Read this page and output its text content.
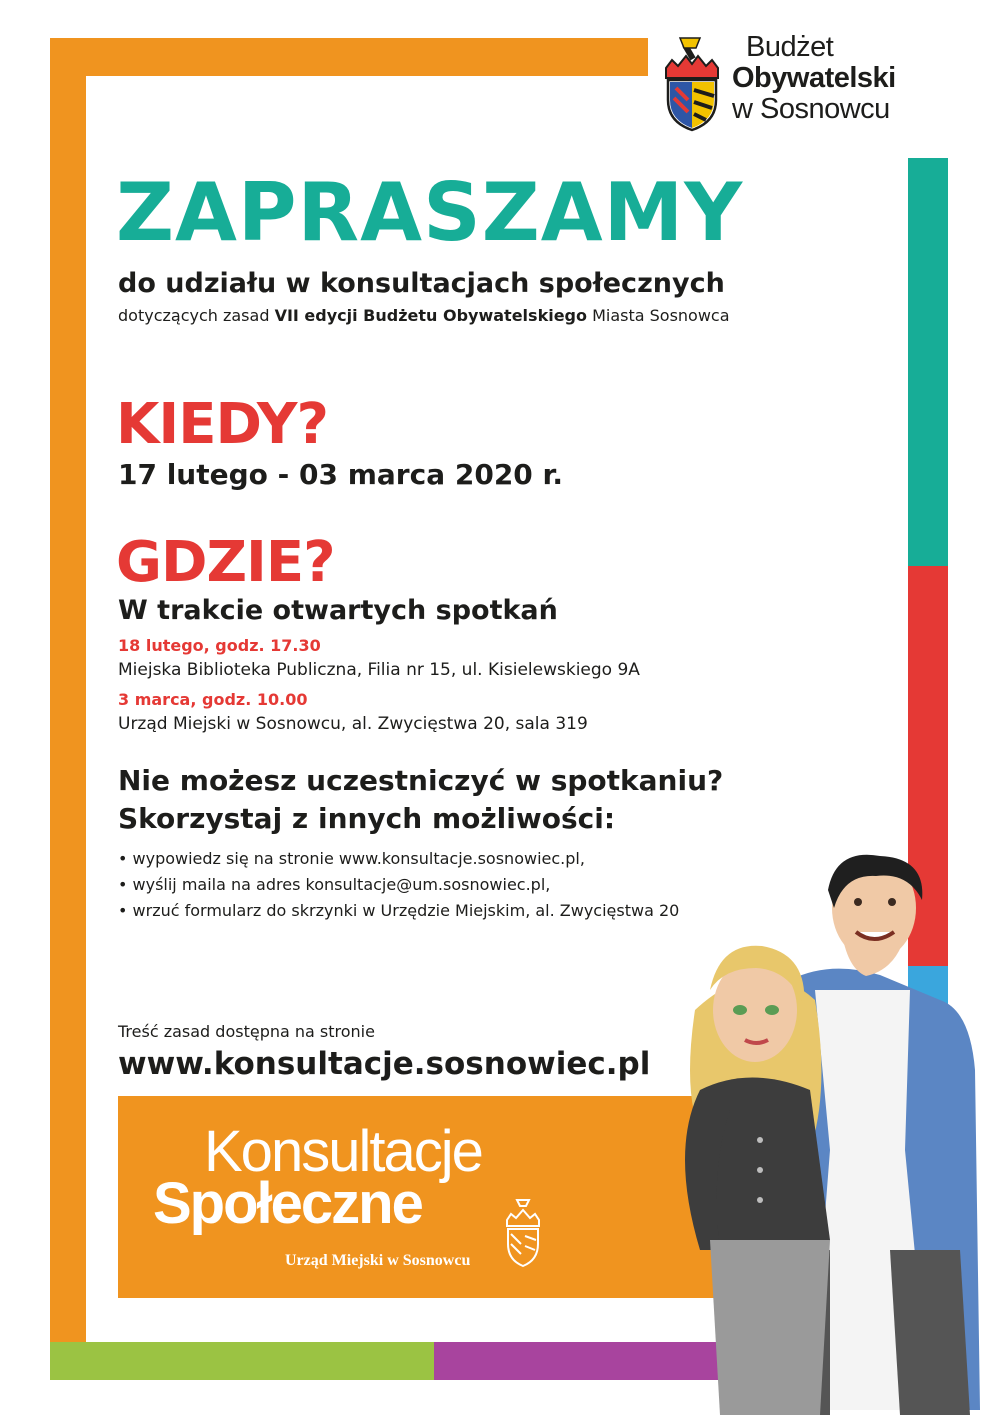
Budżet
Obywatelski
w Sosnowcu
ZAPRASZAMY
do udziału w konsultacjach społecznych
dotyczących zasad VII edycji Budżetu Obywatelskiego Miasta Sosnowca
KIEDY?
17 lutego - 03 marca 2020 r.
GDZIE?
W trakcie otwartych spotkań
18 lutego, godz. 17.30
Miejska Biblioteka Publiczna, Filia nr 15, ul. Kisielewskiego 9A
3 marca, godz. 10.00
Urząd Miejski w Sosnowcu, al. Zwycięstwa 20, sala 319
Nie możesz uczestniczyć w spotkaniu?
Skorzystaj z innych możliwości:
• wypowiedz się na stronie www.konsultacje.sosnowiec.pl,
• wyślij maila na adres konsultacje@um.sosnowiec.pl,
• wrzuć formularz do skrzynki w Urzędzie Miejskim, al. Zwycięstwa 20
Treść zasad dostępna na stronie
www.konsultacje.sosnowiec.pl
Konsultacje
Społeczne
Urząd Miejski w Sosnowcu
